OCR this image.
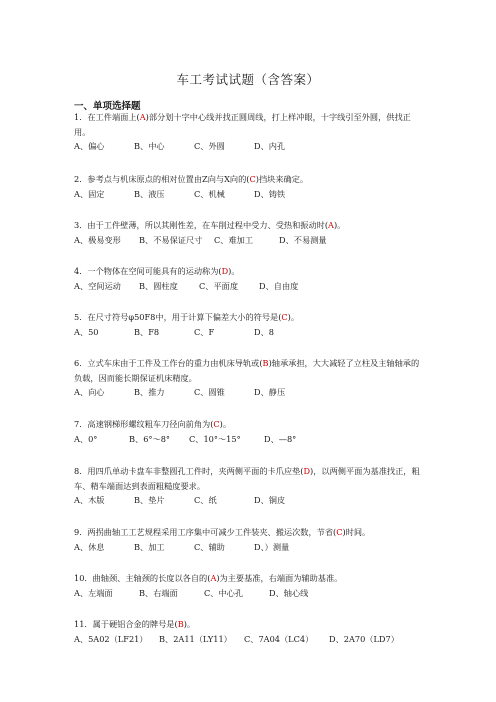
车工考试试题（含答案）
一、单项选择题
1．在工件端面上(A)部分划十字中心线并找正圆周线，打上样冲眼，十字线引至外圆，供找正用。
A、偏心	B、中心	C、外圆	D、内孔
2．参考点与机床原点的相对位置由Z向与X向的(C)挡块来确定。
A、固定	B、液压	C、机械	D、铸铁
3．由于工件壁薄，所以其刚性差，在车削过程中受力、受热和振动时(A)。
A、极易变形	B、不易保证尺寸	C、难加工	D、不易测量
4．一个物体在空间可能具有的运动称为(D)。
A、空间运动	B、圆柱度	C、平面度	D、自由度
5．在尺寸符号φ50F8中，用于计算下偏差大小的符号是(C)。
A、50	B、F8	C、F	D、8
6．立式车床由于工件及工作台的重力由机床导轨或(B)轴承承担，大大减轻了立柱及主轴轴承的负载，因而能长期保证机床精度。
A、向心	B、推力	C、圆锥	D、静压
7．高速钢梯形螺纹粗车刀径向前角为(C)。
A、0°	B、6°～8°	C、10°～15°	D、—8°
8．用四爪单动卡盘车非整圆孔工件时，夹两侧平面的卡爪应垫(D)，以两侧平面为基准找正，粗车、精车端面达到表面粗糙度要求。
A、木版	B、垫片	C、纸	D、铜皮
9．两拐曲轴工工艺规程采用工序集中可减少工件装夹、搬运次数，节省(C)时间。
A、休息	B、加工	C、辅助	D、）测量
10．曲轴颈、主轴颈的长度以各自的(A)为主要基准，右端面为辅助基准。
A、左端面	B、右端面	C、中心孔	D、轴心线
11．属于硬铝合金的牌号是(B)。
A、5A02（LF21）	B、2A11（LY11）	C、7A04（LC4）	D、2A70（LD7）
